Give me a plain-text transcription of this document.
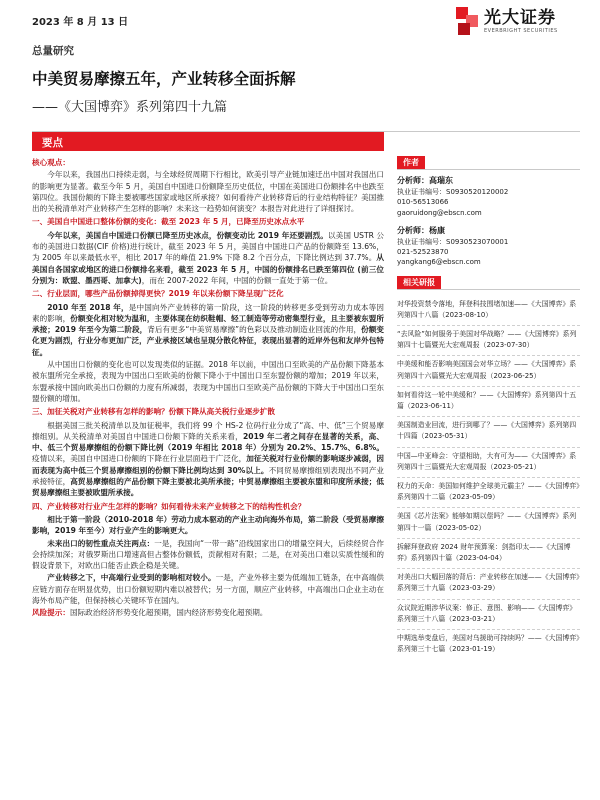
2023 年 8 月 13 日	光大证券
EVERBRIGHT SECURITIES
总量研究
中美贸易摩擦五年，产业转移全面拆解
——《大国博弈》系列第四十九篇
要点
核心观点：

今年以来，我国出口持续走弱，与全球经贸周期下行相比，欧美引导产业链加速迁出中国对我国出口的影响更为显著。截至今年 5 月，美国自中国进口份额降至历史低位，中国在美国进口份额排名中也跌至第四位。我国份额的下降主要被哪些国家或地区所承接？如何看待产业转移背后的行业结构特征？美国推出的关税清单对产业转移产生怎样的影响？未来这一趋势如何演变？本报告对此进行了详细探讨。

一、美国自中国进口整体份额的变化：截至 2023 年 5 月，已降至历史冰点水平

今年以来，美国自中国进口份额已降至历史冰点，份额变动比 2019 年还要剧烈。以美国 USTR 公布的美国进口数据(CIF 价格)进行统计，截至 2023 年 5 月，美国自中国进口产品的份额降至 13.6%，为 2005 年以来最低水平，相比 2017 年的峰值 21.9% 下降 8.2 个百分点，下降比例达到 37.7%。从美国自各国家或地区的进口份额排名来看，截至 2023 年 5 月，中国的份额排名已跌至第四位 (前三位分别为：欧盟、墨西哥、加拿大)，而在 2007-2022 年间，中国的份额一直处于第一位。

二、行业层面，哪些产品份额掉得更快？2019 年以来份额下降呈现广泛化

2010 年至 2018 年，是中国向外产业转移的第一阶段，这一阶段的转移更多受到劳动力成本等因素的影响，份额变化相对较为温和，主要体现在纺织鞋帽、轻工制造等劳动密集型行业，且主要被东盟所承接；2019 年至今为第二阶段，背后有更多“中美贸易摩擦”的色彩以及推动制造业回流的作用，份额变化更为剧烈，行业分布更加广泛，产业承接区域也呈现分散化特征，表现出显著的近岸外包和友岸外包特征。

从中国出口份额的变化也可以发现类似的证据。2018 年以前，中国出口至欧美的产品份额下降基本被东盟所完全承接，表现为中国出口至欧美的份额下降小于中国出口至东盟份额的增加；2019 年以来，东盟承接中国向欧美出口份额的力度有所减弱，表现为中国出口至欧美产品份额的下降大于中国出口至东盟份额的增加。

三、加征关税对产业转移有怎样的影响？份额下降从高关税行业逐步扩散

根据美国三批关税清单以及加征税率，我们将 99 个 HS-2 位码行业分成了“高、中、低”三个贸易摩擦组别。从关税清单对美国自中国进口份额下降的关系来看，2019 年二者之间存在显著的关系，高、中、低三个贸易摩擦组的份额下降比例（2019 年相比 2018 年）分别为 20.2%、15.7%、6.8%。疫情以来，美国自中国进口份额的下降在行业层面趋于广泛化，加征关税对行业份额的影响逐步减弱，因而表现为高中低三个贸易摩擦组别的份额下降比例均达到 30%以上。不同贸易摩擦组别表现出不同产业承接特征，高贸易摩擦组的产品份额下降主要被北美所承接；中贸易摩擦组主要被东盟和印度所承接；低贸易摩擦组主要被欧盟所承接。

四、产业转移对行业产生怎样的影响？如何看待未来产业转移之下的结构性机会？

相比于第一阶段（2010-2018 年）劳动力成本驱动的产业主动向海外布局，第二阶段（受贸易摩擦影响，2019 年至今）对行业产生的影响更大。

未来出口的韧性重点关注两点：一是，我国向“一带一路”沿线国家出口的增量空间大，后续经贸合作会持续加深；对俄罗斯出口增速高但占整体份额低，贡献相对有限；二是，在对美出口难以实质性缓和的假设背景下，对欧出口能否止跌企稳是关键。

产业转移之下，中高端行业受到的影响相对较小。一是，产业外移主要为低端加工链条，在中高端供应链方面存在明显优势，出口份额短期内难以被替代；另一方面，顺应产业转移，中高端出口企业主动在海外布局产能，但保持核心关键环节在国内。

风险提示：国际政治经济形势变化超预期，国内经济形势变化超预期。
作者
分析师：高瑞东
执业证书编号：S0930520120002
010-56513066
gaoruidong@ebscn.com
分析师：杨康
执业证书编号：S0930523070001
021-52523870
yangkang6@ebscn.com
相关研报
对华投资禁令落地，拜登科技围堵加速——《大国博弈》系列第四十八篇（2023-08-10）
“去风险”如何服务于美国对华战略？——《大国博弈》系列第四十七篇暨光大宏观周报（2023-07-30）
中美缓和能否影响美国国会对华立场？——《大国博弈》系列第四十六篇暨光大宏观周报（2023-06-25）
如何看待这一轮中美缓和？——《大国博弈》系列第四十五篇（2023-06-11）
美国制造业回流，进行到哪了？——《大国博弈》系列第四十四篇（2023-05-31）
中国—中亚峰会：守望相助，大有可为——《大国博弈》系列第四十三篇暨光大宏观周报（2023-05-21）
权力的天命：美国如何维护全球美元霸主？——《大国博弈》系列第四十二篇（2023-05-09）
美国《芯片法案》能够如期以偿吗？——《大国博弈》系列第四十一篇（2023-05-02）
拆解拜登政府 2024 财年预算案：剑指印太——《大国博弈》系列第四十篇（2023-04-04）
对美出口大幅回落的背后：产业转移在加速——《大国博弈》系列第三十九篇（2023-03-29）
众议院近期涉华议案：修正、意图、影响——《大国博弈》系列第三十八篇（2023-03-21）
中期选举变盘后，美国对乌援助可持续吗？——《大国博弈》系列第三十七篇（2023-01-19）
